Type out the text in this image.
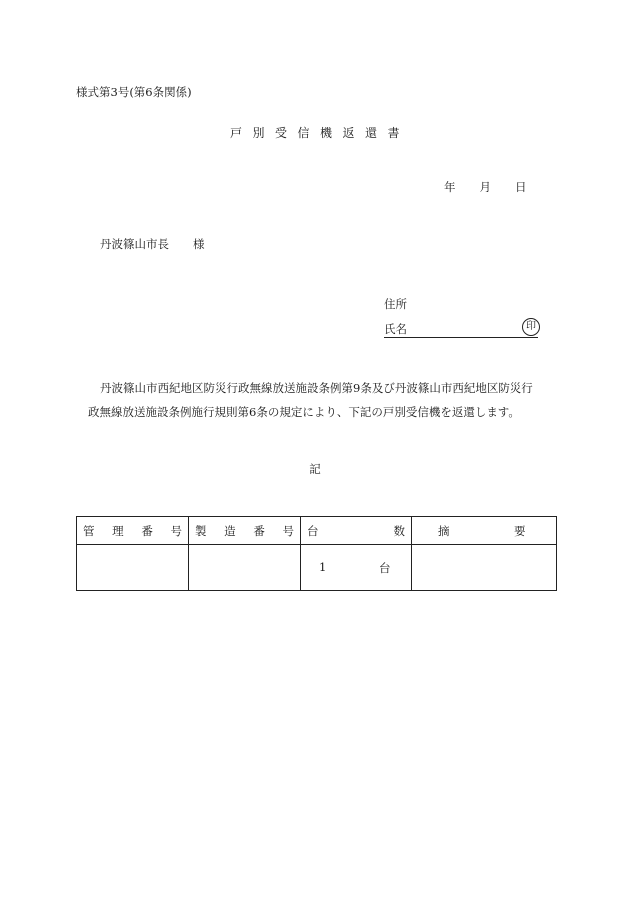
様式第3号(第6条関係)
戸別受信機返還書
年 月 日
丹波篠山市長 様
住所
氏名	印
丹波篠山市西紀地区防災行政無線放送施設条例第9条及び丹波篠山市西紀地区防災行
政無線放送施設条例施行規則第6条の規定により、下記の戸別受信機を返還します。
記
管 理 番 号	製 造 番 号	台 数	摘 要

		1 台	
